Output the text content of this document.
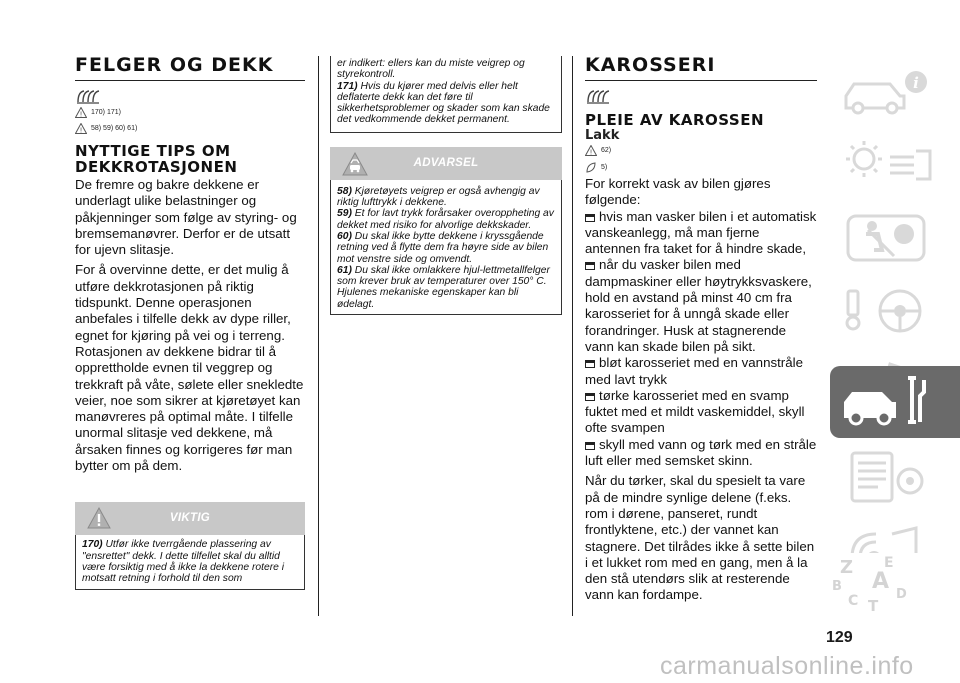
FELGER OG DEKK
! 170) 171)
! 58) 59) 60) 61)
NYTTIGE TIPS OM
DEKKROTASJONEN

De fremre og bakre dekkene er underlagt ulike belastninger og påkjenninger som følge av styring- og bremsemanøvrer. Derfor er de utsatt for ujevn slitasje.

For å overvinne dette, er det mulig å utføre dekkrotasjonen på riktig tidspunkt. Denne operasjonen anbefales i tilfelle dekk av dype riller, egnet for kjøring på vei og i terreng. Rotasjonen av dekkene bidrar til å opprettholde evnen til veggrep og trekkraft på våte, sølete eller snekledte veier, noe som sikrer at kjøretøyet kan manøvreres på optimal måte. I tilfelle unormal slitasje ved dekkene, må årsaken finnes og korrigeres før man bytter om på dem.

VIKTIG

170) Utfør ikke tverrgående plassering av "ensrettet" dekk. I dette tilfellet skal du alltid være forsiktig med å ikke la dekkene rotere i motsatt retning i forhold til den som

er indikert: ellers kan du miste veigrep og styrekontroll.

171) Hvis du kjører med delvis eller helt deflaterte dekk kan det føre til sikkerhetsproblemer og skader som kan skade det vedkommende dekket permanent.

ADVARSEL

58) Kjøretøyets veigrep er også avhengig av riktig lufttrykk i dekkene.

59) Et for lavt trykk forårsaker overoppheting av dekket med risiko for alvorlige dekkskader.

60) Du skal ikke bytte dekkene i kryssgående retning ved å flytte dem fra høyre side av bilen mot venstre side og omvendt.

61) Du skal ikke omlakkere hjul-lettmetallfelger som krever bruk av temperaturer over 150° C. Hjulenes mekaniske egenskaper kan bli ødelagt.

KAROSSERI
PLEIE AV KAROSSEN
Lakk
! 62)
5)

For korrekt vask av bilen gjøres følgende:

hvis man vasker bilen i et automatisk vanskeanlegg, må man fjerne antennen fra taket for å hindre skade,
når du vasker bilen med dampmaskiner eller høytrykksvaskere, hold en avstand på minst 40 cm fra karosseriet for å unngå skade eller forandringer. Husk at stagnerende vann kan skade bilen på sikt.
bløt karosseriet med en vannstråle med lavt trykk
tørke karosseriet med en svamp fuktet med et mildt vaskemiddel, skyll ofte svampen
skyll med vann og tørk med en stråle luft eller med semsket skinn.

Når du tørker, skal du spesielt ta vare på de mindre synlige delene (f.eks. rom i dørene, panseret, rundt frontlyktene, etc.) der vannet kan stagnere. Det tilrådes ikke å sette bilen i et lukket rom med en gang, men å la den stå utendørs slik at resterende vann kan fordampe.

i
Z E
B A
C	D
T
129
carmanualsonline.info
